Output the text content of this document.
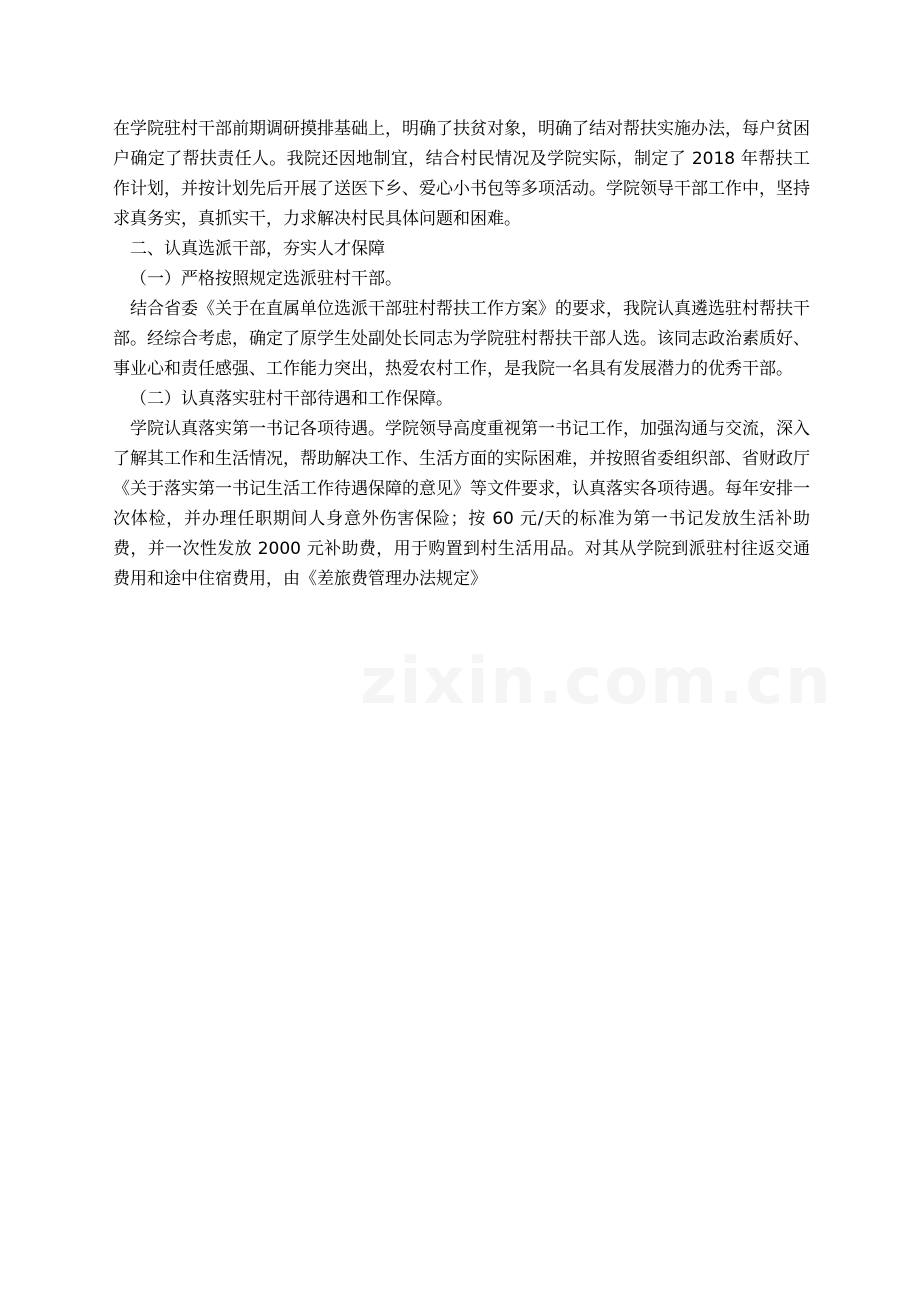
在学院驻村干部前期调研摸排基础上，明确了扶贫对象，明确了结对帮扶实施办法，每户贫困户确定了帮扶责任人。我院还因地制宜，结合村民情况及学院实际，制定了 2018 年帮扶工作计划，并按计划先后开展了送医下乡、爱心小书包等多项活动。学院领导干部工作中，坚持求真务实，真抓实干，力求解决村民具体问题和困难。

二、认真选派干部，夯实人才保障

（一）严格按照规定选派驻村干部。

结合省委《关于在直属单位选派干部驻村帮扶工作方案》的要求，我院认真遴选驻村帮扶干部。经综合考虑，确定了原学生处副处长同志为学院驻村帮扶干部人选。该同志政治素质好、事业心和责任感强、工作能力突出，热爱农村工作，是我院一名具有发展潜力的优秀干部。

（二）认真落实驻村干部待遇和工作保障。

学院认真落实第一书记各项待遇。学院领导高度重视第一书记工作，加强沟通与交流，深入了解其工作和生活情况，帮助解决工作、生活方面的实际困难，并按照省委组织部、省财政厅《关于落实第一书记生活工作待遇保障的意见》等文件要求，认真落实各项待遇。每年安排一次体检，并办理任职期间人身意外伤害保险；按 60 元/天的标准为第一书记发放生活补助费，并一次性发放 2000 元补助费，用于购置到村生活用品。对其从学院到派驻村往返交通费用和途中住宿费用，由《差旅费管理办法规定》

zixin.com.cn
